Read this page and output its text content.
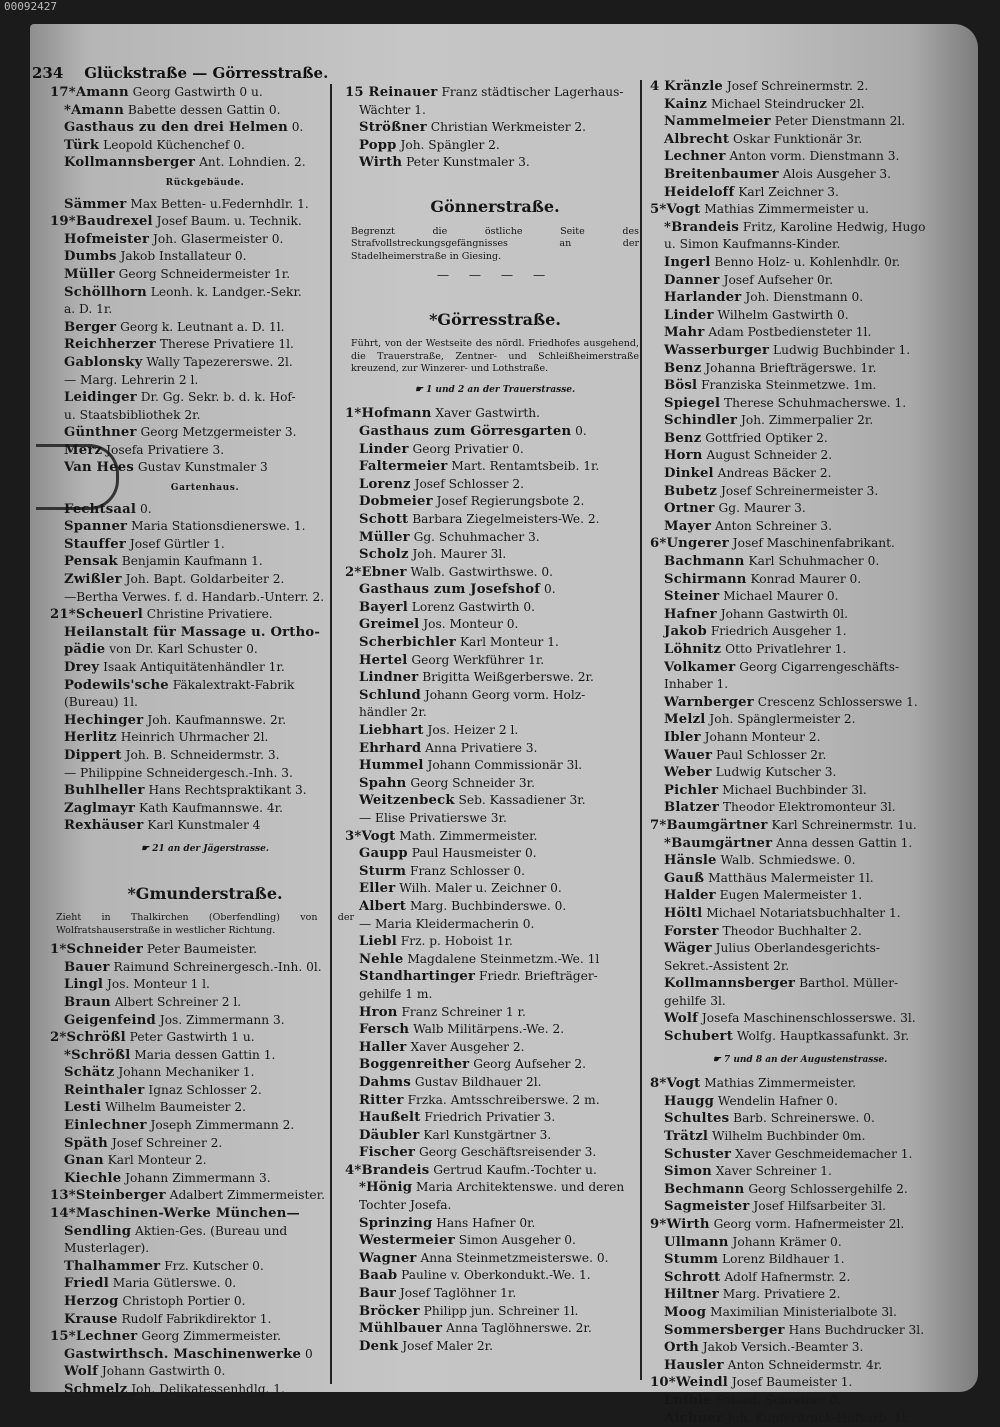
00092427
234 Glückstraße — Görresstraße.
17*Amann Georg Gastwirth 0 u.
*Amann Babette dessen Gattin 0.
Gasthaus zu den drei Helmen 0.
Türk Leopold Küchenchef 0.
Kollmannsberger Ant. Lohndien. 2.
Rückgebäude.
Sämmer Max Betten- u.Federnhdlr. 1.
19*Baudrexel Josef Baum. u. Technik.
Hofmeister Joh. Glasermeister 0.
Dumbs Jakob Installateur 0.
Müller Georg Schneidermeister 1r.
Schöllhorn Leonh. k. Landger.-Sekr.
a. D. 1r.
Berger Georg k. Leutnant a. D. 1l.
Reichherzer Therese Privatiere 1l.
Gablonsky Wally Tapezererswe. 2l.
— Marg. Lehrerin 2 l.
Leidinger Dr. Gg. Sekr. b. d. k. Hof-
u. Staatsbibliothek 2r.
Günthner Georg Metzgermeister 3.
Merz Josefa Privatiere 3.
Van Hees Gustav Kunstmaler 3
Gartenhaus.
Fechtsaal 0.
Spanner Maria Stationsdienerswe. 1.
Stauffer Josef Gürtler 1.
Pensak Benjamin Kaufmann 1.
Zwißler Joh. Bapt. Goldarbeiter 2.
—Bertha Verwes. f. d. Handarb.-Unterr. 2.
21*Scheuerl Christine Privatiere.
Heilanstalt für Massage u. Ortho-
pädie von Dr. Karl Schuster 0.
Drey Isaak Antiquitätenhändler 1r.
Podewils'sche Fäkalextrakt-Fabrik
(Bureau) 1l.
Hechinger Joh. Kaufmannswe. 2r.
Herlitz Heinrich Uhrmacher 2l.
Dippert Joh. B. Schneidermstr. 3.
— Philippine Schneidergesch.-Inh. 3.
Buhlheller Hans Rechtspraktikant 3.
Zaglmayr Kath Kaufmannswe. 4r.
Rexhäuser Karl Kunstmaler 4
☛ 21 an der Jägerstrasse.
*Gmunderstraße.
Zieht in Thalkirchen (Oberfendling) von der Wolfratshauserstraße in westlicher Richtung.
1*Schneider Peter Baumeister.
Bauer Raimund Schreinergesch.-Inh. 0l.
Lingl Jos. Monteur 1 l.
Braun Albert Schreiner 2 l.
Geigenfeind Jos. Zimmermann 3.
2*Schrößl Peter Gastwirth 1 u.
*Schrößl Maria dessen Gattin 1.
Schätz Johann Mechaniker 1.
Reinthaler Ignaz Schlosser 2.
Lesti Wilhelm Baumeister 2.
Einlechner Joseph Zimmermann 2.
Späth Josef Schreiner 2.
Gnan Karl Monteur 2.
Kiechle Johann Zimmermann 3.
13*Steinberger Adalbert Zimmermeister.
14*Maschinen-Werke München—
Sendling Aktien-Ges. (Bureau und
Musterlager).
Thalhammer Frz. Kutscher 0.
Friedl Maria Gütlerswe. 0.
Herzog Christoph Portier 0.
Krause Rudolf Fabrikdirektor 1.
15*Lechner Georg Zimmermeister.
Gastwirthsch. Maschinenwerke 0
Wolf Johann Gastwirth 0.
Schmelz Joh. Delikatessenhdlg. 1.
15 Reinauer Franz städtischer Lagerhaus-
Wächter 1.
Strößner Christian Werkmeister 2.
Popp Joh. Spängler 2.
Wirth Peter Kunstmaler 3.
Gönnerstraße.
Begrenzt die östliche Seite des Strafvollstreckungsgefängnisses an der Stadelheimerstraße in Giesing.
— — — —
*Görresstraße.
Führt, von der Westseite des nördl. Friedhofes ausgehend, die Trauerstraße, Zentner- und Schleißheimerstraße kreuzend, zur Winzerer- und Lothstraße.
☛ 1 und 2 an der Trauerstrasse.
1*Hofmann Xaver Gastwirth.
Gasthaus zum Görresgarten 0.
Linder Georg Privatier 0.
Faltermeier Mart. Rentamtsbeib. 1r.
Lorenz Josef Schlosser 2.
Dobmeier Josef Regierungsbote 2.
Schott Barbara Ziegelmeisters-We. 2.
Müller Gg. Schuhmacher 3.
Scholz Joh. Maurer 3l.
2*Ebner Walb. Gastwirthswe. 0.
Gasthaus zum Josefshof 0.
Bayerl Lorenz Gastwirth 0.
Greimel Jos. Monteur 0.
Scherbichler Karl Monteur 1.
Hertel Georg Werkführer 1r.
Lindner Brigitta Weißgerberswe. 2r.
Schlund Johann Georg vorm. Holz-
händler 2r.
Liebhart Jos. Heizer 2 l.
Ehrhard Anna Privatiere 3.
Hummel Johann Commissionär 3l.
Spahn Georg Schneider 3r.
Weitzenbeck Seb. Kassadiener 3r.
— Elise Privatierswe 3r.
3*Vogt Math. Zimmermeister.
Gaupp Paul Hausmeister 0.
Sturm Franz Schlosser 0.
Eller Wilh. Maler u. Zeichner 0.
Albert Marg. Buchbinderswe. 0.
— Maria Kleidermacherin 0.
Liebl Frz. p. Hoboist 1r.
Nehle Magdalene Steinmetzm.-We. 1l
Standhartinger Friedr. Briefträger-
gehilfe 1 m.
Hron Franz Schreiner 1 r.
Fersch Walb Militärpens.-We. 2.
Haller Xaver Ausgeher 2.
Boggenreither Georg Aufseher 2.
Dahms Gustav Bildhauer 2l.
Ritter Frzka. Amtsschreiberswe. 2 m.
Haußelt Friedrich Privatier 3.
Däubler Karl Kunstgärtner 3.
Fischer Georg Geschäftsreisender 3.
4*Brandeis Gertrud Kaufm.-Tochter u.
*Hönig Maria Architektenswe. und deren
Tochter Josefa.
Sprinzing Hans Hafner 0r.
Westermeier Simon Ausgeher 0.
Wagner Anna Steinmetzmeisterswe. 0.
Baab Pauline v. Oberkondukt.-We. 1.
Baur Josef Taglöhner 1r.
Bröcker Philipp jun. Schreiner 1l.
Mühlbauer Anna Taglöhnerswe. 2r.
Denk Josef Maler 2r.
4 Kränzle Josef Schreinermstr. 2.
Kainz Michael Steindrucker 2l.
Nammelmeier Peter Dienstmann 2l.
Albrecht Oskar Funktionär 3r.
Lechner Anton vorm. Dienstmann 3.
Breitenbaumer Alois Ausgeher 3.
Heideloff Karl Zeichner 3.
5*Vogt Mathias Zimmermeister u.
*Brandeis Fritz, Karoline Hedwig, Hugo
u. Simon Kaufmanns-Kinder.
Ingerl Benno Holz- u. Kohlenhdlr. 0r.
Danner Josef Aufseher 0r.
Harlander Joh. Dienstmann 0.
Linder Wilhelm Gastwirth 0.
Mahr Adam Postbediensteter 1l.
Wasserburger Ludwig Buchbinder 1.
Benz Johanna Briefträgerswe. 1r.
Bösl Franziska Steinmetzwe. 1m.
Spiegel Therese Schuhmacherswe. 1.
Schindler Joh. Zimmerpalier 2r.
Benz Gottfried Optiker 2.
Horn August Schneider 2.
Dinkel Andreas Bäcker 2.
Bubetz Josef Schreinermeister 3.
Ortner Gg. Maurer 3.
Mayer Anton Schreiner 3.
6*Ungerer Josef Maschinenfabrikant.
Bachmann Karl Schuhmacher 0.
Schirmann Konrad Maurer 0.
Steiner Michael Maurer 0.
Hafner Johann Gastwirth 0l.
Jakob Friedrich Ausgeher 1.
Löhnitz Otto Privatlehrer 1.
Volkamer Georg Cigarrengeschäfts-
Inhaber 1.
Warnberger Crescenz Schlosserswe 1.
Melzl Joh. Spänglermeister 2.
Ibler Johann Monteur 2.
Wauer Paul Schlosser 2r.
Weber Ludwig Kutscher 3.
Pichler Michael Buchbinder 3l.
Blatzer Theodor Elektromonteur 3l.
7*Baumgärtner Karl Schreinermstr. 1u.
*Baumgärtner Anna dessen Gattin 1.
Hänsle Walb. Schmiedswe. 0.
Gauß Matthäus Malermeister 1l.
Halder Eugen Malermeister 1.
Höltl Michael Notariatsbuchhalter 1.
Forster Theodor Buchhalter 2.
Wäger Julius Oberlandesgerichts-
Sekret.-Assistent 2r.
Kollmannsberger Barthol. Müller-
gehilfe 3l.
Wolf Josefa Maschinenschlosserswe. 3l.
Schubert Wolfg. Hauptkassafunkt. 3r.
☛ 7 und 8 an der Augustenstrasse.
8*Vogt Mathias Zimmermeister.
Haugg Wendelin Hafner 0.
Schultes Barb. Schreinerswe. 0.
Trätzl Wilhelm Buchbinder 0m.
Schuster Xaver Geschmeidemacher 1.
Simon Xaver Schreiner 1.
Bechmann Georg Schlossergehilfe 2.
Sagmeister Josef Hilfsarbeiter 3l.
9*Wirth Georg vorm. Hafnermeister 2l.
Ullmann Johann Krämer 0.
Stumm Lorenz Bildhauer 1.
Schrott Adolf Hafnermstr. 2.
Hiltner Marg. Privatiere 2.
Moog Maximilian Ministerialbote 3l.
Sommersberger Hans Buchdrucker 3l.
Orth Jakob Versich.-Beamter 3.
Hausler Anton Schneidermstr. 4r.
10*Weindl Josef Baumeister 1.
Luible Sebast. Schreiner 0.
Aichner Joh. Kupferdruck-Hilfsarb. 1l.
